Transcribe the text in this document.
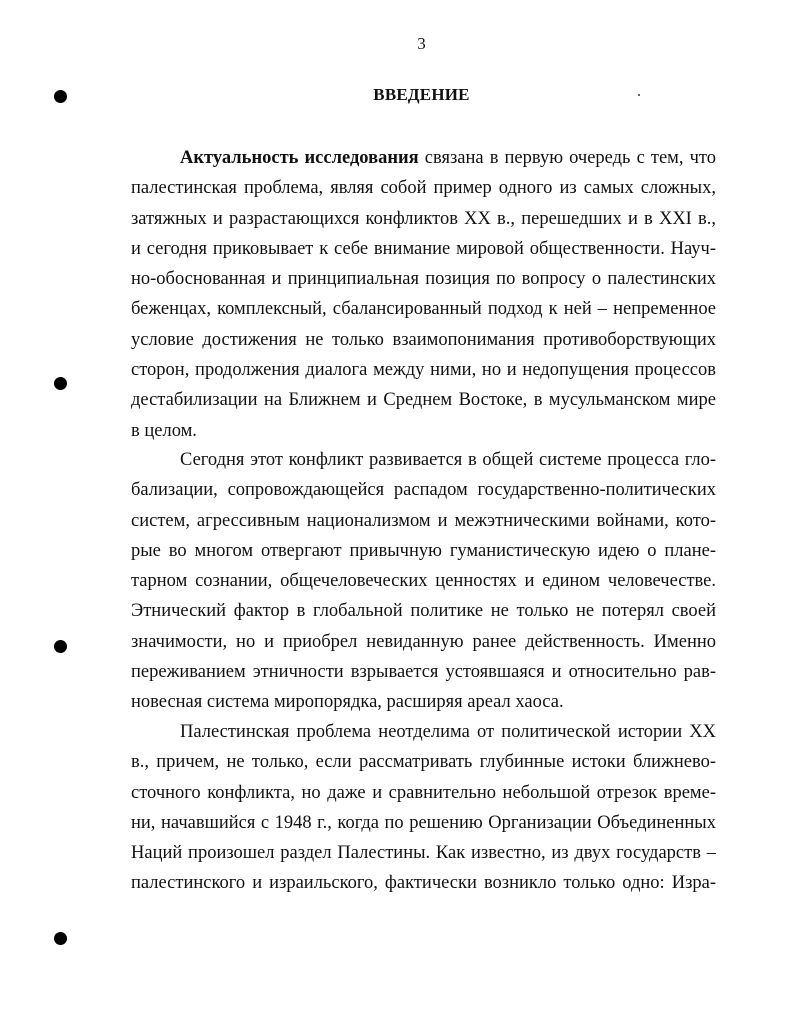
3
ВВЕДЕНИЕ
Актуальность исследования связана в первую очередь с тем, что
палестинская проблема, являя собой пример одного из самых сложных,
затяжных и разрастающихся конфликтов XX в., перешедших и в XXI в.,
и сегодня приковывает к себе внимание мировой общественности. Науч-
но-обоснованная и принципиальная позиция по вопросу о палестинских
беженцах, комплексный, сбалансированный подход к ней – непременное
условие достижения не только взаимопонимания противоборствующих
сторон, продолжения диалога между ними, но и недопущения процессов
дестабилизации на Ближнем и Среднем Востоке, в мусульманском мире
в целом.
Сегодня этот конфликт развивается в общей системе процесса гло-
бализации, сопровождающейся распадом государственно-политических
систем, агрессивным национализмом и межэтническими войнами, кото-
рые во многом отвергают привычную гуманистическую идею о плане-
тарном сознании, общечеловеческих ценностях и едином человечестве.
Этнический фактор в глобальной политике не только не потерял своей
значимости, но и приобрел невиданную ранее действенность. Именно
переживанием этничности взрывается устоявшаяся и относительно рав-
новесная система миропорядка, расширяя ареал хаоса.
Палестинская проблема неотделима от политической истории XX
в., причем, не только, если рассматривать глубинные истоки ближнево-
сточного конфликта, но даже и сравнительно небольшой отрезок време-
ни, начавшийся с 1948 г., когда по решению Организации Объединенных
Наций произошел раздел Палестины. Как известно, из двух государств –
палестинского и израильского, фактически возникло только одно: Изра-
